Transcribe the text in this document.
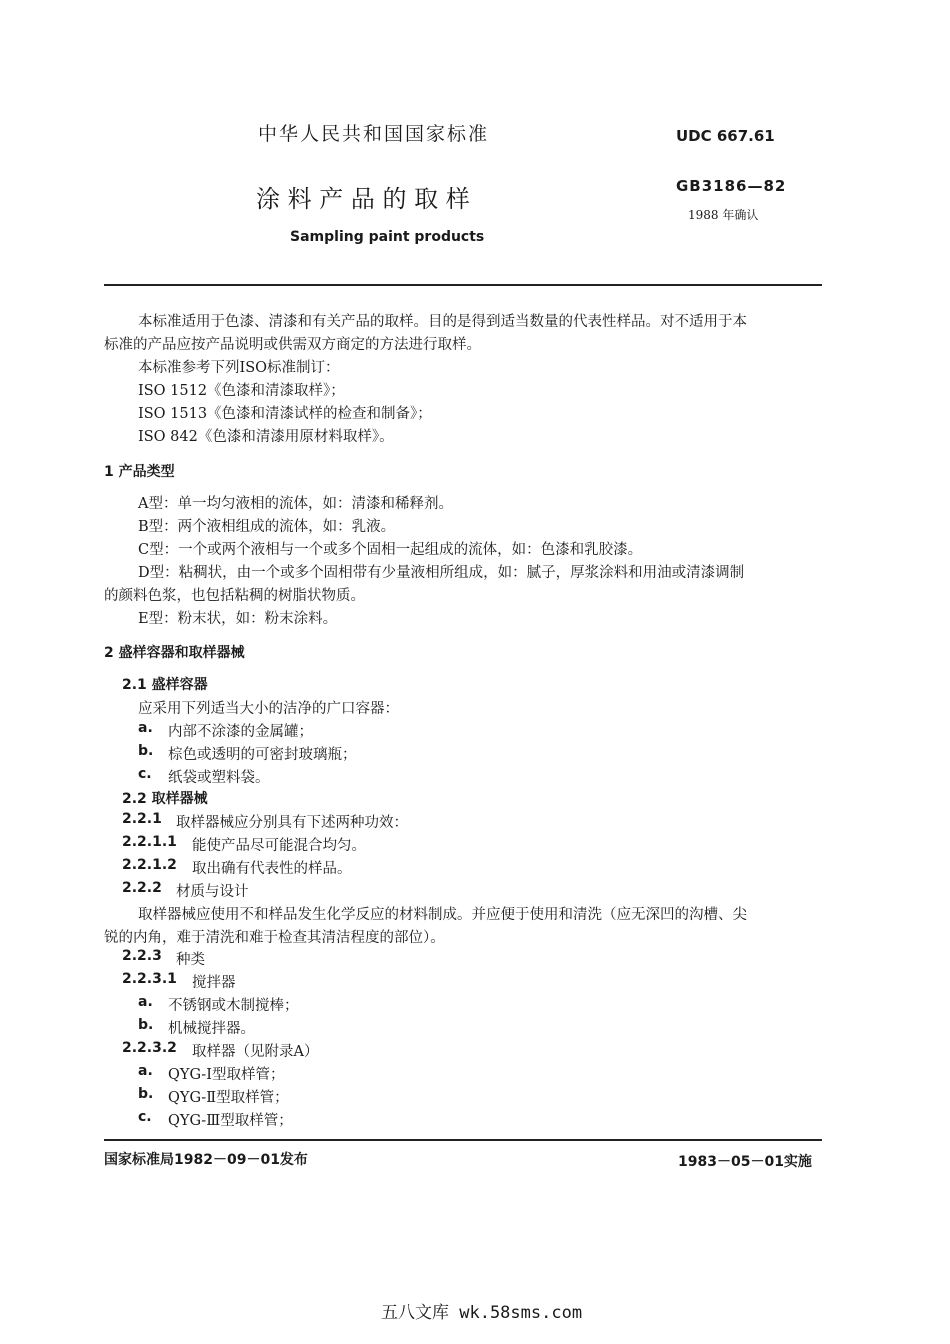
中华人民共和国国家标准	UDC 667.61
涂 料 产 品 的 取 样	GB3186—82
1988 年确认
Sampling paint products
本标准适用于色漆、清漆和有关产品的取样。目的是得到适当数量的代表性样品。对不适用于本
标准的产品应按产品说明或供需双方商定的方法进行取样。
本标准参考下列ISO标准制订：
ISO 1512《色漆和清漆取样》；
ISO 1513《色漆和清漆试样的检查和制备》；
ISO 842《色漆和清漆用原材料取样》。
1 产品类型
A型：单一均匀液相的流体，如：清漆和稀释剂。
B型：两个液相组成的流体，如：乳液。
C型：一个或两个液相与一个或多个固相一起组成的流体，如：色漆和乳胶漆。
D型：粘稠状，由一个或多个固相带有少量液相所组成，如：腻子，厚浆涂料和用油或清漆调制
的颜料色浆，也包括粘稠的树脂状物质。
E型：粉末状，如：粉末涂料。
2 盛样容器和取样器械
2.1 盛样容器
应采用下列适当大小的洁净的广口容器：
a. 内部不涂漆的金属罐；
b. 棕色或透明的可密封玻璃瓶；
c. 纸袋或塑料袋。
2.2 取样器械
2.2.1 取样器械应分别具有下述两种功效：
2.2.1.1 能使产品尽可能混合均匀。
2.2.1.2 取出确有代表性的样品。
2.2.2 材质与设计
取样器械应使用不和样品发生化学反应的材料制成。并应便于使用和清洗（应无深凹的沟槽、尖
锐的内角，难于清洗和难于检查其清洁程度的部位）。
2.2.3 种类
2.2.3.1 搅拌器
a. 不锈钢或木制搅棒；
b. 机械搅拌器。
2.2.3.2 取样器（见附录A）
a. QYG-Ⅰ型取样管；
b. QYG-Ⅱ型取样管；
c. QYG-Ⅲ型取样管；
国家标准局1982－09－01发布	1983－05－01实施
五八文库 wk.58sms.com
